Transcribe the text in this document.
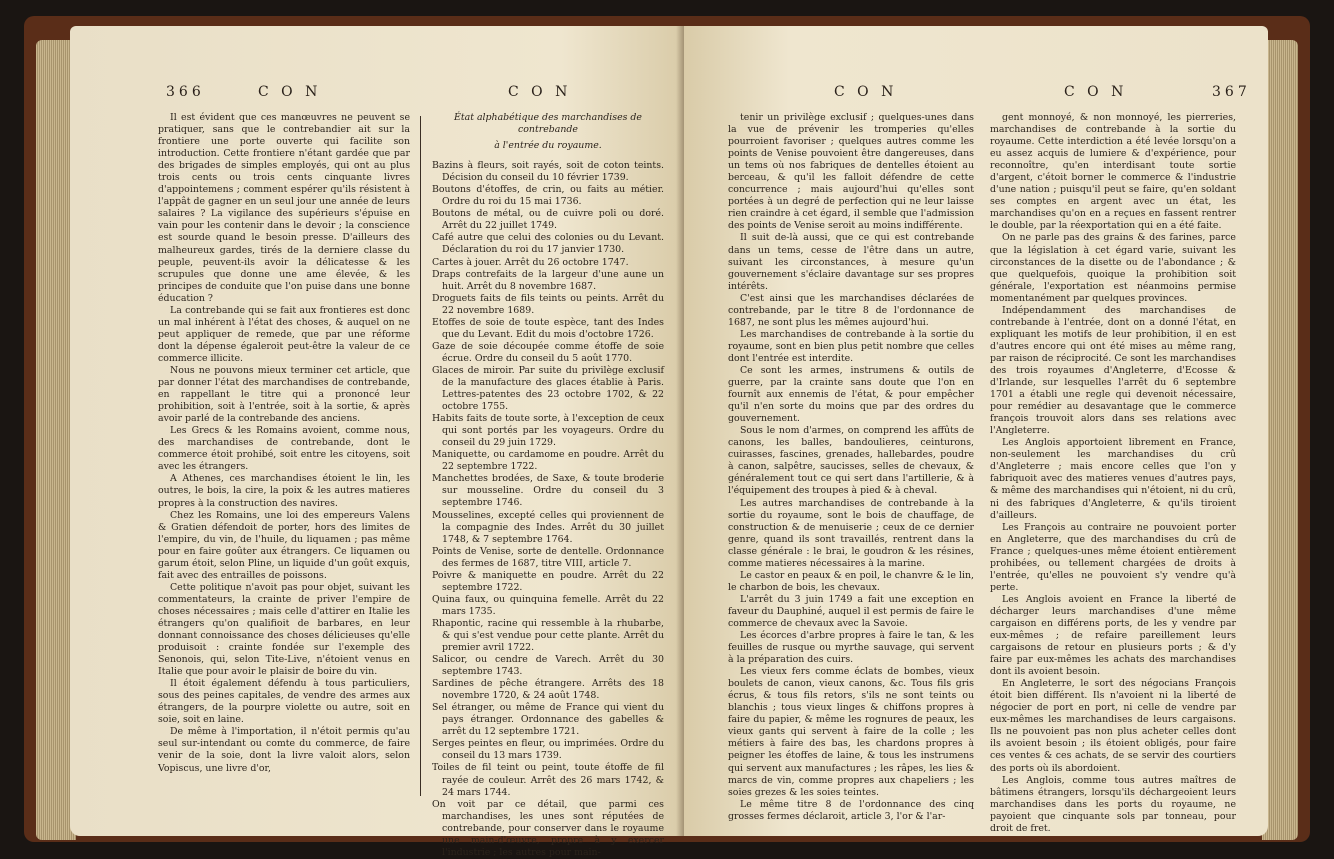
366	C O N	C O N

Il est évident que ces manœuvres ne peuvent se pratiquer, sans que le contrebandier ait sur la frontiere une porte ouverte qui facilite son introduction. Cette frontiere n'étant gardée que par des brigades de simples employés, qui ont au plus trois cents ou trois cents cinquante livres d'appointemens ; comment espérer qu'ils résistent à l'appât de gagner en un seul jour une année de leurs salaires ? La vigilance des supérieurs s'épuise en vain pour les contenir dans le devoir ; la conscience est sourde quand le besoin presse. D'ailleurs des malheureux gardes, tirés de la derniere classe du peuple, peuvent-ils avoir la délicatesse & les scrupules que donne une ame élevée, & les principes de conduite que l'on puise dans une bonne éducation ?

La contrebande qui se fait aux frontieres est donc un mal inhérent à l'état des choses, & auquel on ne peut appliquer de remede, que par une réforme dont la dépense égaleroit peut-être la valeur de ce commerce illicite.

Nous ne pouvons mieux terminer cet article, que par donner l'état des marchandises de contrebande, en rappellant le titre qui a prononcé leur prohibition, soit à l'entrée, soit à la sortie, & après avoir parlé de la contrebande des anciens.

Les Grecs & les Romains avoient, comme nous, des marchandises de contrebande, dont le commerce étoit prohibé, soit entre les citoyens, soit avec les étrangers.

A Athenes, ces marchandises étoient le lin, les outres, le bois, la cire, la poix & les autres matieres propres à la construction des navires.

Chez les Romains, une loi des empereurs Valens & Gratien défendoit de porter, hors des limites de l'empire, du vin, de l'huile, du liquamen ; pas même pour en faire goûter aux étrangers. Ce liquamen ou garum étoit, selon Pline, un liquide d'un goût exquis, fait avec des entrailles de poissons.

Cette politique n'avoit pas pour objet, suivant les commentateurs, la crainte de priver l'empire de choses nécessaires ; mais celle d'attirer en Italie les étrangers qu'on qualifioit de barbares, en leur donnant connoissance des choses délicieuses qu'elle produisoit : crainte fondée sur l'exemple des Senonois, qui, selon Tite-Live, n'étoient venus en Italie que pour avoir le plaisir de boire du vin.

Il étoit également défendu à tous particuliers, sous des peines capitales, de vendre des armes aux étrangers, de la pourpre violette ou autre, soit en soie, soit en laine.

De même à l'importation, il n'étoit permis qu'au seul sur-intendant ou comte du commerce, de faire venir de la soie, dont la livre valoit alors, selon Vopiscus, une livre d'or,

État alphabétique des marchandises de contrebande

à l'entrée du royaume.

Bazins à fleurs, soit rayés, soit de coton teints. Décision du conseil du 10 février 1739.

Boutons d'étoffes, de crin, ou faits au métier. Ordre du roi du 15 mai 1736.

Boutons de métal, ou de cuivre poli ou doré. Arrêt du 22 juillet 1749.

Café autre que celui des colonies ou du Levant. Déclaration du roi du 17 janvier 1730.

Cartes à jouer. Arrêt du 26 octobre 1747.

Draps contrefaits de la largeur d'une aune un huit. Arrêt du 8 novembre 1687.

Droguets faits de fils teints ou peints. Arrêt du 22 novembre 1689.

Etoffes de soie de toute espèce, tant des Indes que du Levant. Edit du mois d'octobre 1726.

Gaze de soie découpée comme étoffe de soie écrue. Ordre du conseil du 5 août 1770.

Glaces de miroir. Par suite du privilège exclusif de la manufacture des glaces établie à Paris. Lettres-patentes des 23 octobre 1702, & 22 octobre 1755.

Habits faits de toute sorte, à l'exception de ceux qui sont portés par les voyageurs. Ordre du conseil du 29 juin 1729.

Maniquette, ou cardamome en poudre. Arrêt du 22 septembre 1722.

Manchettes brodées, de Saxe, & toute broderie sur mousseline. Ordre du conseil du 3 septembre 1746.

Mousselines, excepté celles qui proviennent de la compagnie des Indes. Arrêt du 30 juillet 1748, & 7 septembre 1764.

Points de Venise, sorte de dentelle. Ordonnance des fermes de 1687, titre VIII, article 7.

Poivre & maniquette en poudre. Arrêt du 22 septembre 1722.

Quina faux, ou quinquina femelle. Arrêt du 22 mars 1735.

Rhapontic, racine qui ressemble à la rhubarbe, & qui s'est vendue pour cette plante. Arrêt du premier avril 1722.

Salicor, ou cendre de Varech. Arrêt du 30 septembre 1743.

Sardines de pêche étrangere. Arrêts des 18 novembre 1720, & 24 août 1748.

Sel étranger, ou même de France qui vient du pays étranger. Ordonnance des gabelles & arrêt du 12 septembre 1721.

Serges peintes en fleur, ou imprimées. Ordre du conseil du 13 mars 1739.

Toiles de fil teint ou peint, toute étoffe de fil rayée de couleur. Arrêt des 26 mars 1742, & 24 mars 1744.

On voit par ce détail, que parmi ces marchandises, les unes sont réputées de contrebande, pour conserver dans le royaume une main-d'œuvre, propre à y exercer l'industrie ; les autres pour main-

C O N	C O N	367

tenir un privilège exclusif ; quelques-unes dans la vue de prévenir les tromperies qu'elles pourroient favoriser ; quelques autres comme les points de Venise pouvoient être dangereuses, dans un tems où nos fabriques de dentelles étoient au berceau, & qu'il les falloit défendre de cette concurrence ; mais aujourd'hui qu'elles sont portées à un degré de perfection qui ne leur laisse rien craindre à cet égard, il semble que l'admission des points de Venise seroit au moins indifférente.

Il suit de-là aussi, que ce qui est contrebande dans un tems, cesse de l'être dans un autre, suivant les circonstances, à mesure qu'un gouvernement s'éclaire davantage sur ses propres intérêts.

C'est ainsi que les marchandises déclarées de contrebande, par le titre 8 de l'ordonnance de 1687, ne sont plus les mêmes aujourd'hui.

Les marchandises de contrebande à la sortie du royaume, sont en bien plus petit nombre que celles dont l'entrée est interdite.

Ce sont les armes, instrumens & outils de guerre, par la crainte sans doute que l'on en fournît aux ennemis de l'état, & pour empêcher qu'il n'en sorte du moins que par des ordres du gouvernement.

Sous le nom d'armes, on comprend les affûts de canons, les balles, bandoulieres, ceinturons, cuirasses, fascines, grenades, hallebardes, poudre à canon, salpêtre, saucisses, selles de chevaux, & généralement tout ce qui sert dans l'artillerie, & à l'équipement des troupes à pied & à cheval.

Les autres marchandises de contrebande à la sortie du royaume, sont le bois de chauffage, de construction & de menuiserie ; ceux de ce dernier genre, quand ils sont travaillés, rentrent dans la classe générale : le brai, le goudron & les résines, comme matieres nécessaires à la marine.

Le castor en peaux & en poil, le chanvre & le lin, le charbon de bois, les chevaux.

L'arrêt du 3 juin 1749 a fait une exception en faveur du Dauphiné, auquel il est permis de faire le commerce de chevaux avec la Savoie.

Les écorces d'arbre propres à faire le tan, & les feuilles de rusque ou myrthe sauvage, qui servent à la préparation des cuirs.

Les vieux fers comme éclats de bombes, vieux boulets de canon, vieux canons, &c. Tous fils gris écrus, & tous fils retors, s'ils ne sont teints ou blanchis ; tous vieux linges & chiffons propres à faire du papier, & même les rognures de peaux, les vieux gants qui servent à faire de la colle ; les métiers à faire des bas, les chardons propres à peigner les étoffes de laine, & tous les instrumens qui servent aux manufactures ; les râpes, les lies & marcs de vin, comme propres aux chapeliers ; les soies grezes & les soies teintes.

Le même titre 8 de l'ordonnance des cinq grosses fermes déclaroit, article 3, l'or & l'ar-

gent monnoyé, & non monnoyé, les pierreries, marchandises de contrebande à la sortie du royaume. Cette interdiction a été levée lorsqu'on a eu assez acquis de lumiere & d'expérience, pour reconnoître, qu'en interdisant toute sortie d'argent, c'étoit borner le commerce & l'industrie d'une nation ; puisqu'il peut se faire, qu'en soldant ses comptes en argent avec un état, les marchandises qu'on en a reçues en fassent rentrer le double, par la réexportation qui en a été faite.

On ne parle pas des grains & des farines, parce que la législation à cet égard varie, suivant les circonstances de la disette ou de l'abondance ; & que quelquefois, quoique la prohibition soit générale, l'exportation est néanmoins permise momentanément par quelques provinces.

Indépendamment des marchandises de contrebande à l'entrée, dont on a donné l'état, en expliquant les motifs de leur prohibition, il en est d'autres encore qui ont été mises au même rang, par raison de réciprocité. Ce sont les marchandises des trois royaumes d'Angleterre, d'Ecosse & d'Irlande, sur lesquelles l'arrêt du 6 septembre 1701 a établi une regle qui devenoit nécessaire, pour remédier au desavantage que le commerce françois trouvoit alors dans ses relations avec l'Angleterre.

Les Anglois apportoient librement en France, non-seulement les marchandises du crû d'Angleterre ; mais encore celles que l'on y fabriquoit avec des matieres venues d'autres pays, & même des marchandises qui n'étoient, ni du crû, ni des fabriques d'Angleterre, & qu'ils tiroient d'ailleurs.

Les François au contraire ne pouvoient porter en Angleterre, que des marchandises du crû de France ; quelques-unes même étoient entièrement prohibées, ou tellement chargées de droits à l'entrée, qu'elles ne pouvoient s'y vendre qu'à perte.

Les Anglois avoient en France la liberté de décharger leurs marchandises d'une même cargaison en différens ports, de les y vendre par eux-mêmes ; de refaire pareillement leurs cargaisons de retour en plusieurs ports ; & d'y faire par eux-mêmes les achats des marchandises dont ils avoient besoin.

En Angleterre, le sort des négocians François étoit bien différent. Ils n'avoient ni la liberté de négocier de port en port, ni celle de vendre par eux-mêmes les marchandises de leurs cargaisons. Ils ne pouvoient pas non plus acheter celles dont ils avoient besoin ; ils étoient obligés, pour faire ces ventes & ces achats, de se servir des courtiers des ports où ils abordoient.

Les Anglois, comme tous autres maîtres de bâtimens étrangers, lorsqu'ils déchargeoient leurs marchandises dans les ports du royaume, ne payoient que cinquante sols par tonneau, pour droit de fret.
